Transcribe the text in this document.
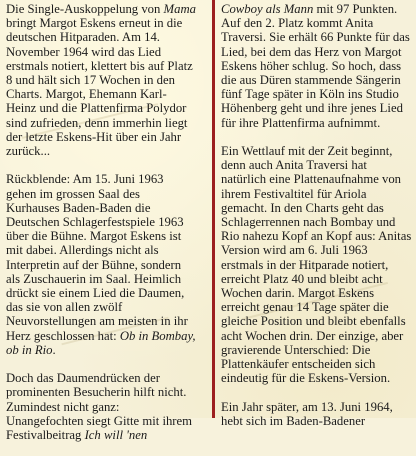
Die Single-Auskoppelung von Mama bringt Margot Eskens erneut in die deutschen Hitparaden. Am 14. November 1964 wird das Lied erstmals notiert, klettert bis auf Platz 8 und hält sich 17 Wochen in den Charts. Margot, Ehemann Karl-Heinz und die Plattenfirma Polydor sind zufrieden, denn immerhin liegt der letzte Eskens-Hit über ein Jahr zurück...

Rückblende: Am 15. Juni 1963 gehen im grossen Saal des Kurhauses Baden-Baden die Deutschen Schlagerfestspiele 1963 über die Bühne. Margot Eskens ist mit dabei. Allerdings nicht als Interpretin auf der Bühne, sondern als Zuschauerin im Saal. Heimlich drückt sie einem Lied die Daumen, das sie von allen zwölf Neuvorstellungen am meisten in ihr Herz geschlossen hat: Ob in Bombay, ob in Rio.

Doch das Daumendrücken der prominenten Besucherin hilft nicht. Zumindest nicht ganz: Unangefochten siegt Gitte mit ihrem Festivalbeitrag Ich will 'nen

Cowboy als Mann mit 97 Punkten. Auf den 2. Platz kommt Anita Traversi. Sie erhält 66 Punkte für das Lied, bei dem das Herz von Margot Eskens höher schlug. So hoch, dass die aus Düren stammende Sängerin fünf Tage später in Köln ins Studio Höhenberg geht und ihre jenes Lied für ihre Plattenfirma aufnimmt.

Ein Wettlauf mit der Zeit beginnt, denn auch Anita Traversi hat natürlich eine Plattenaufnahme von ihrem Festivaltitel für Ariola gemacht. In den Charts geht das Schlagerrennen nach Bombay und Rio nahezu Kopf an Kopf aus: Anitas Version wird am 6. Juli 1963 erstmals in der Hitparade notiert, erreicht Platz 40 und bleibt acht Wochen darin. Margot Eskens erreicht genau 14 Tage später die gleiche Position und bleibt ebenfalls acht Wochen drin. Der einzige, aber gravierende Unterschied: Die Plattenkäufer entscheiden sich eindeutig für die Eskens-Version.

Ein Jahr später, am 13. Juni 1964, hebt sich im Baden-Badener
